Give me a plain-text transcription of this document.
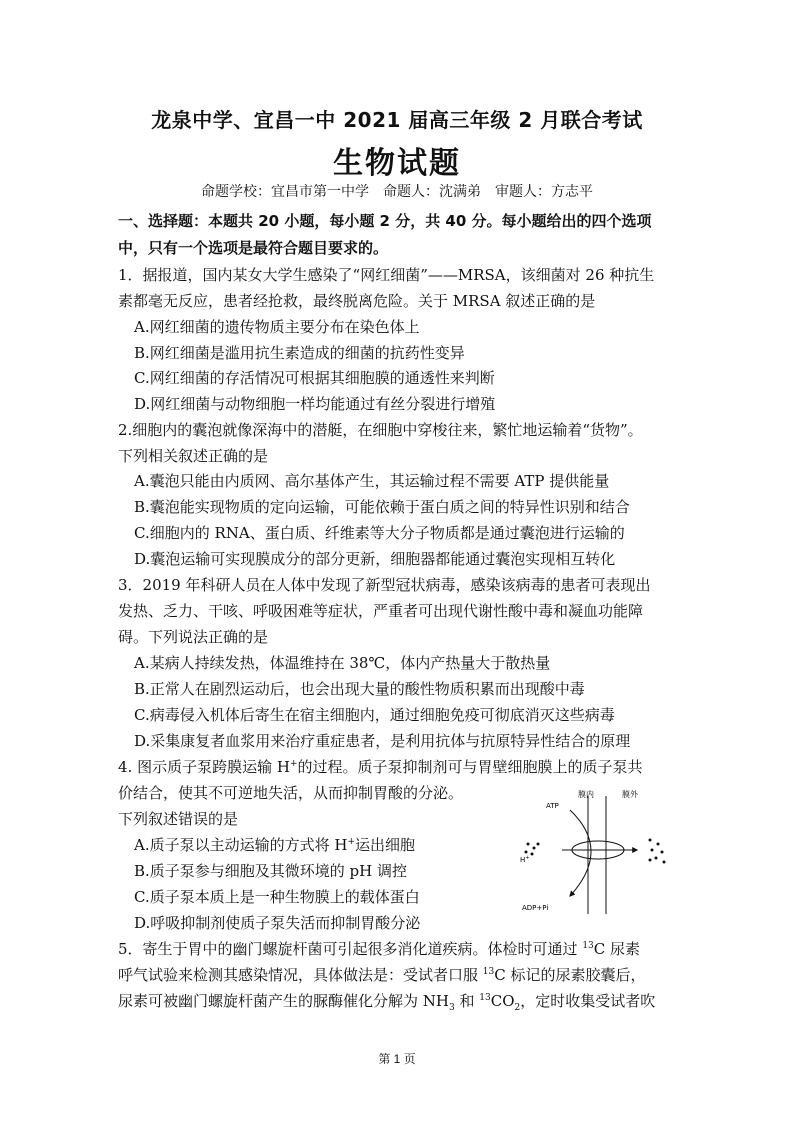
龙泉中学、宜昌一中 2021 届高三年级 2 月联合考试
生物试题
命题学校：宜昌市第一中学　命题人：沈满弟　审题人：方志平
一、选择题：本题共 20 小题，每小题 2 分，共 40 分。每小题给出的四个选项
中，只有一个选项是最符合题目要求的。
1．据报道，国内某女大学生感染了“网红细菌”——MRSA，该细菌对 26 种抗生
素都毫无反应，患者经抢救，最终脱离危险。关于 MRSA 叙述正确的是
A.网红细菌的遗传物质主要分布在染色体上
B.网红细菌是滥用抗生素造成的细菌的抗药性变异
C.网红细菌的存活情况可根据其细胞膜的通透性来判断
D.网红细菌与动物细胞一样均能通过有丝分裂进行增殖
2.细胞内的囊泡就像深海中的潜艇，在细胞中穿梭往来，繁忙地运输着“货物”。
下列相关叙述正确的是
A.囊泡只能由内质网、高尔基体产生，其运输过程不需要 ATP 提供能量
B.囊泡能实现物质的定向运输，可能依赖于蛋白质之间的特异性识别和结合
C.细胞内的 RNA、蛋白质、纤维素等大分子物质都是通过囊泡进行运输的
D.囊泡运输可实现膜成分的部分更新，细胞器都能通过囊泡实现相互转化
3．2019 年科研人员在人体中发现了新型冠状病毒，感染该病毒的患者可表现出
发热、乏力、干咳、呼吸困难等症状，严重者可出现代谢性酸中毒和凝血功能障
碍。下列说法正确的是
A.某病人持续发热，体温维持在 38℃，体内产热量大于散热量
B.正常人在剧烈运动后，也会出现大量的酸性物质积累而出现酸中毒
C.病毒侵入机体后寄生在宿主细胞内，通过细胞免疫可彻底消灭这些病毒
D.采集康复者血浆用来治疗重症患者，是利用抗体与抗原特异性结合的原理
4. 图示质子泵跨膜运输 H+的过程。质子泵抑制剂可与胃壁细胞膜上的质子泵共
价结合，使其不可逆地失活，从而抑制胃酸的分泌。
下列叙述错误的是
A.质子泵以主动运输的方式将 H+运出细胞
B.质子泵参与细胞及其微环境的 pH 调控
C.质子泵本质上是一种生物膜上的载体蛋白
D.呼吸抑制剂使质子泵失活而抑制胃酸分泌
膜内	膜外
ATP
H+
ADP+Pi
5．寄生于胃中的幽门螺旋杆菌可引起很多消化道疾病。体检时可通过 $^{13}$C 尿素
呼气试验来检测其感染情况，具体做法是：受试者口服 $^{13}$C 标记的尿素胶囊后，
尿素可被幽门螺旋杆菌产生的脲酶催化分解为 $NH_3$ 和 $^{13}CO_2$，定时收集受试者吹
第 1 页
